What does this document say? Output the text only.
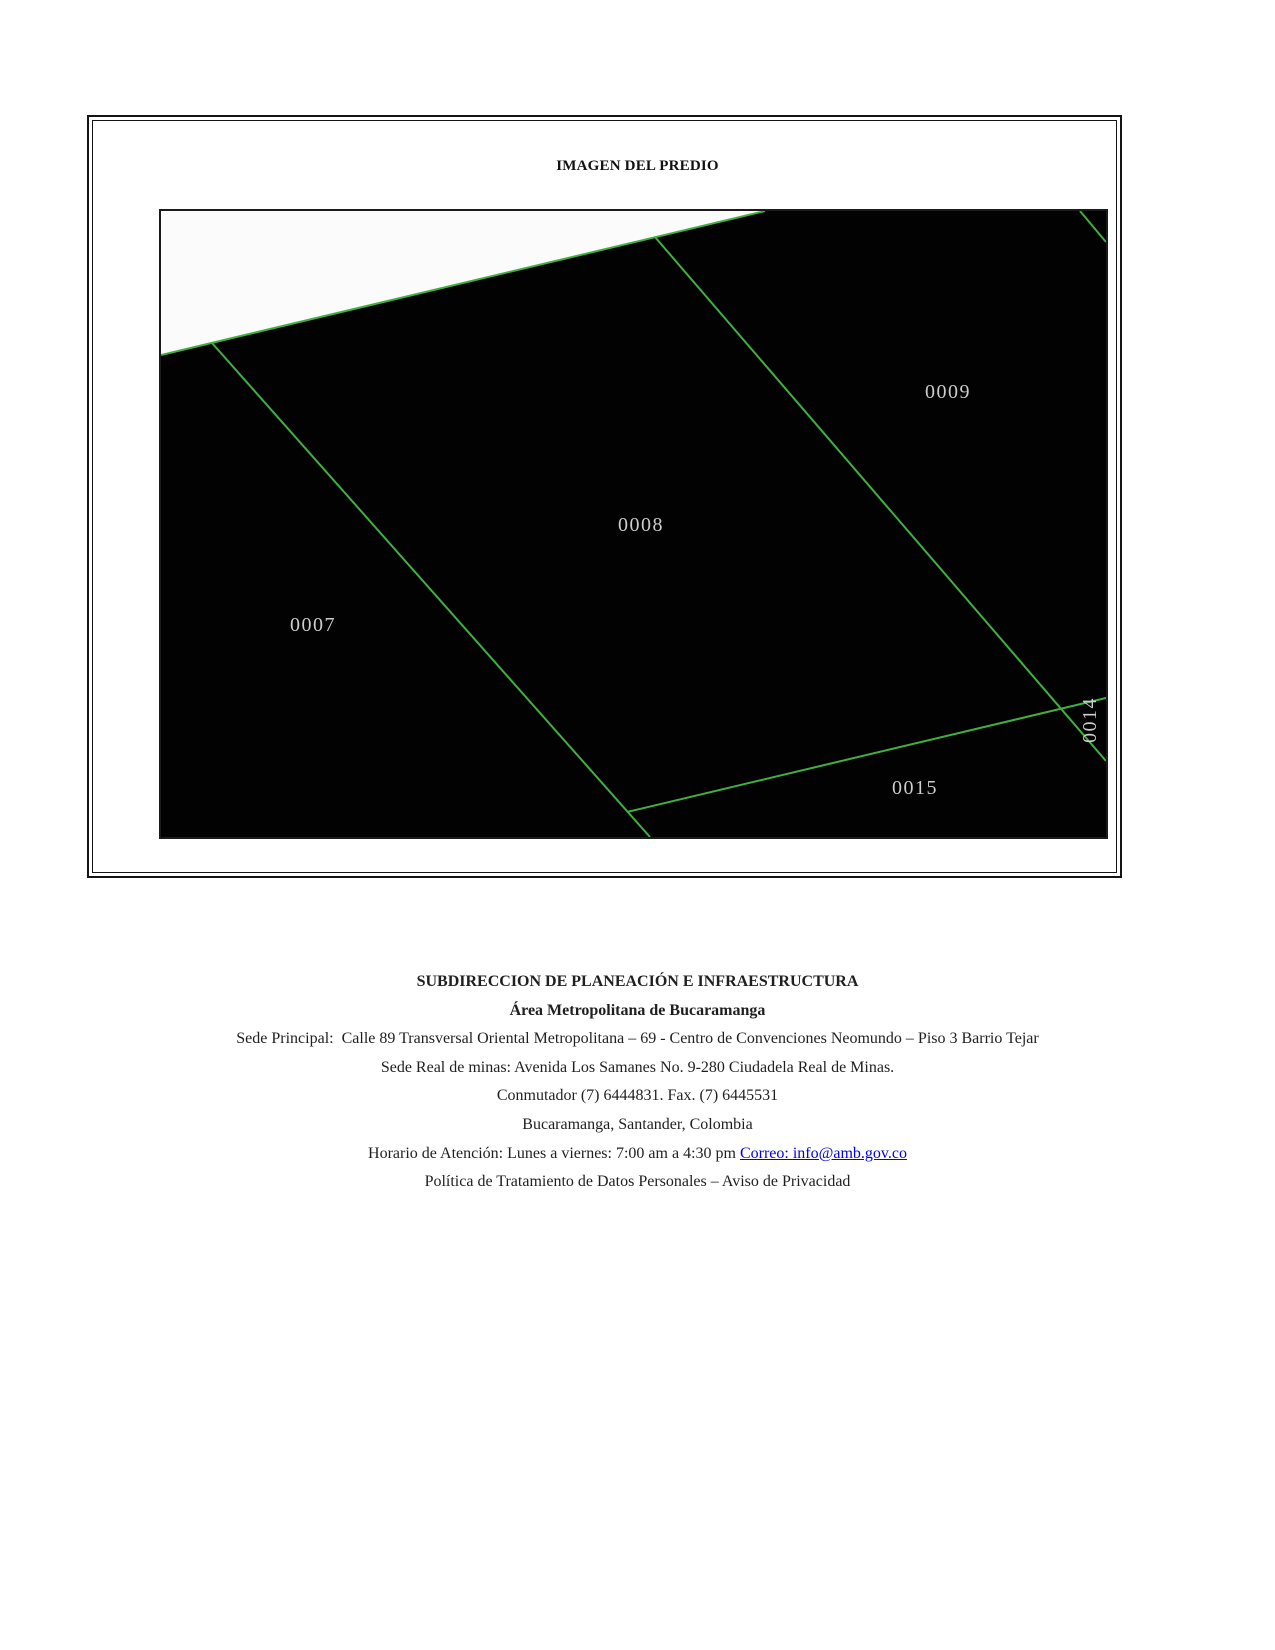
IMAGEN DEL PREDIO
0007
0008
0009
0014
0015

SUBDIRECCION DE PLANEACIÓN E INFRAESTRUCTURA

Área Metropolitana de Bucaramanga

Sede Principal:  Calle 89 Transversal Oriental Metropolitana – 69 - Centro de Convenciones Neomundo – Piso 3 Barrio Tejar

Sede Real de minas: Avenida Los Samanes No. 9-280 Ciudadela Real de Minas.

Conmutador (7) 6444831. Fax. (7) 6445531

Bucaramanga, Santander, Colombia

Horario de Atención: Lunes a viernes: 7:00 am a 4:30 pm Correo: info@amb.gov.co

Política de Tratamiento de Datos Personales – Aviso de Privacidad
